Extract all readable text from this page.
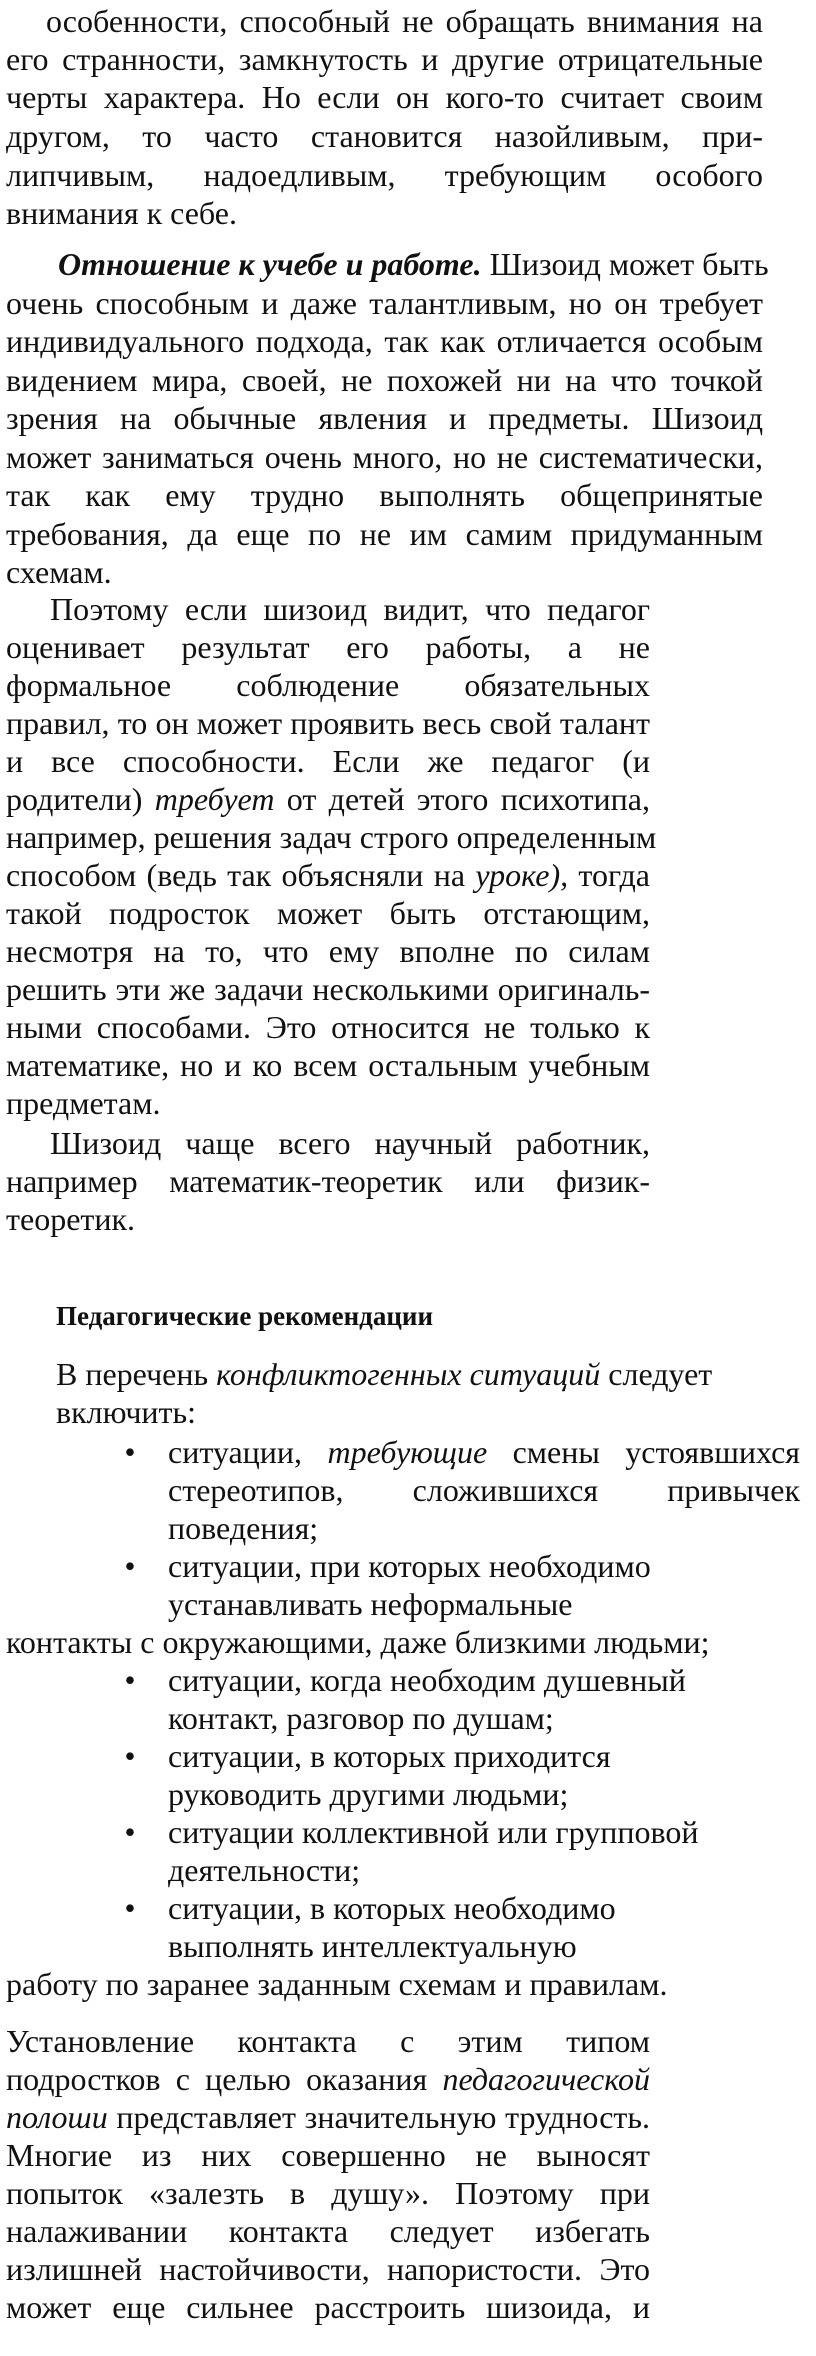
особенности, способный не обращать внимания на
его странности, замкнутость и другие отрицательные
черты характера. Но если он кого-то считает своим
другом, то часто становится назойливым, при-
липчивым, надоедливым, требующим особого
внимания к себе.
Отношение к учебе и работе. Шизоид может быть
очень способным и даже талантливым, но он требует
индивидуального подхода, так как отличается особым
видением мира, своей, не похожей ни на что точкой
зрения на обычные явления и предметы. Шизоид
может заниматься очень много, но не систематически,
так как ему трудно выполнять общепринятые
требования, да еще по не им самим придуманным
схемам.
Поэтому если шизоид видит, что педагог
оценивает результат его работы, а не
формальное соблюдение обязательных
правил, то он может проявить весь свой талант
и все способности. Если же педагог (и
родители) требует от детей этого психотипа,
например, решения задач строго определенным
способом (ведь так объясняли на уроке), тогда
такой подросток может быть отстающим,
несмотря на то, что ему вполне по силам
решить эти же задачи несколькими оригиналь-
ными способами. Это относится не только к
математике, но и ко всем остальным учебным
предметам.
Шизоид чаще всего научный работник,
например математик-теоретик или физик-
теоретик.
Педагогические рекомендации
В перечень конфликтогенных ситуаций следует
включить:
• ситуации, требующие смены устоявшихся
стереотипов, сложившихся привычек
поведения;
• ситуации, при которых необходимо
устанавливать неформальные
контакты с окружающими, даже близкими людьми;
• ситуации, когда необходим душевный
контакт, разговор по душам;
• ситуации, в которых приходится
руководить другими людьми;
• ситуации коллективной или групповой
деятельности;
• ситуации, в которых необходимо
выполнять интеллектуальную
работу по заранее заданным схемам и правилам.
Установление контакта с этим типом
подростков с целью оказания педагогической
полоши представляет значительную трудность.
Многие из них совершенно не выносят
попыток «залезть в душу». Поэтому при
налаживании контакта следует избегать
излишней настойчивости, напористости. Это
может еще сильнее расстроить шизоида, и
